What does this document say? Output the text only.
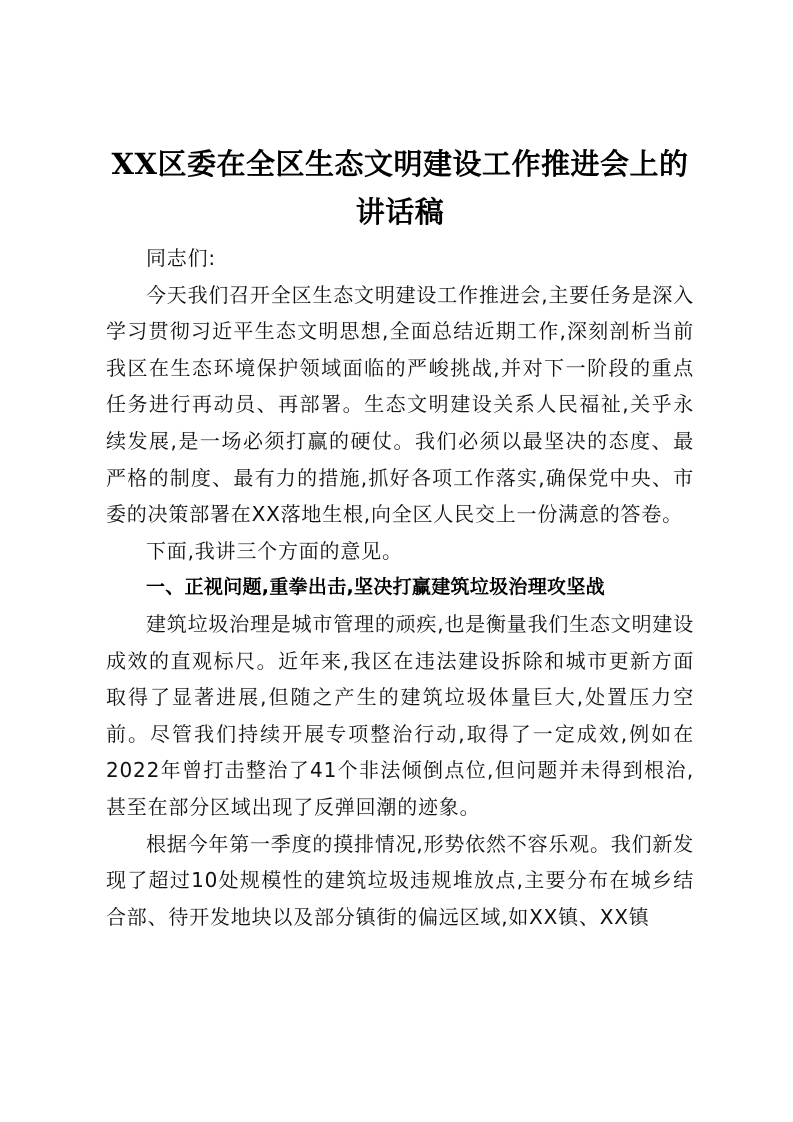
XX区委在全区生态文明建设工作推进会上的
讲话稿

同志们:

今天我们召开全区生态文明建设工作推进会,主要任务是深入学习贯彻习近平生态文明思想,全面总结近期工作,深刻剖析当前我区在生态环境保护领域面临的严峻挑战,并对下一阶段的重点任务进行再动员、再部署。生态文明建设关系人民福祉,关乎永续发展,是一场必须打赢的硬仗。我们必须以最坚决的态度、最严格的制度、最有力的措施,抓好各项工作落实,确保党中央、市委的决策部署在XX落地生根,向全区人民交上一份满意的答卷。

下面,我讲三个方面的意见。

一、正视问题,重拳出击,坚决打赢建筑垃圾治理攻坚战

建筑垃圾治理是城市管理的顽疾,也是衡量我们生态文明建设成效的直观标尺。近年来,我区在违法建设拆除和城市更新方面取得了显著进展,但随之产生的建筑垃圾体量巨大,处置压力空前。尽管我们持续开展专项整治行动,取得了一定成效,例如在2022年曾打击整治了41个非法倾倒点位,但问题并未得到根治,甚至在部分区域出现了反弹回潮的迹象。

根据今年第一季度的摸排情况,形势依然不容乐观。我们新发现了超过10处规模性的建筑垃圾违规堆放点,主要分布在城乡结合部、待开发地块以及部分镇街的偏远区域,如XX镇、XX镇
